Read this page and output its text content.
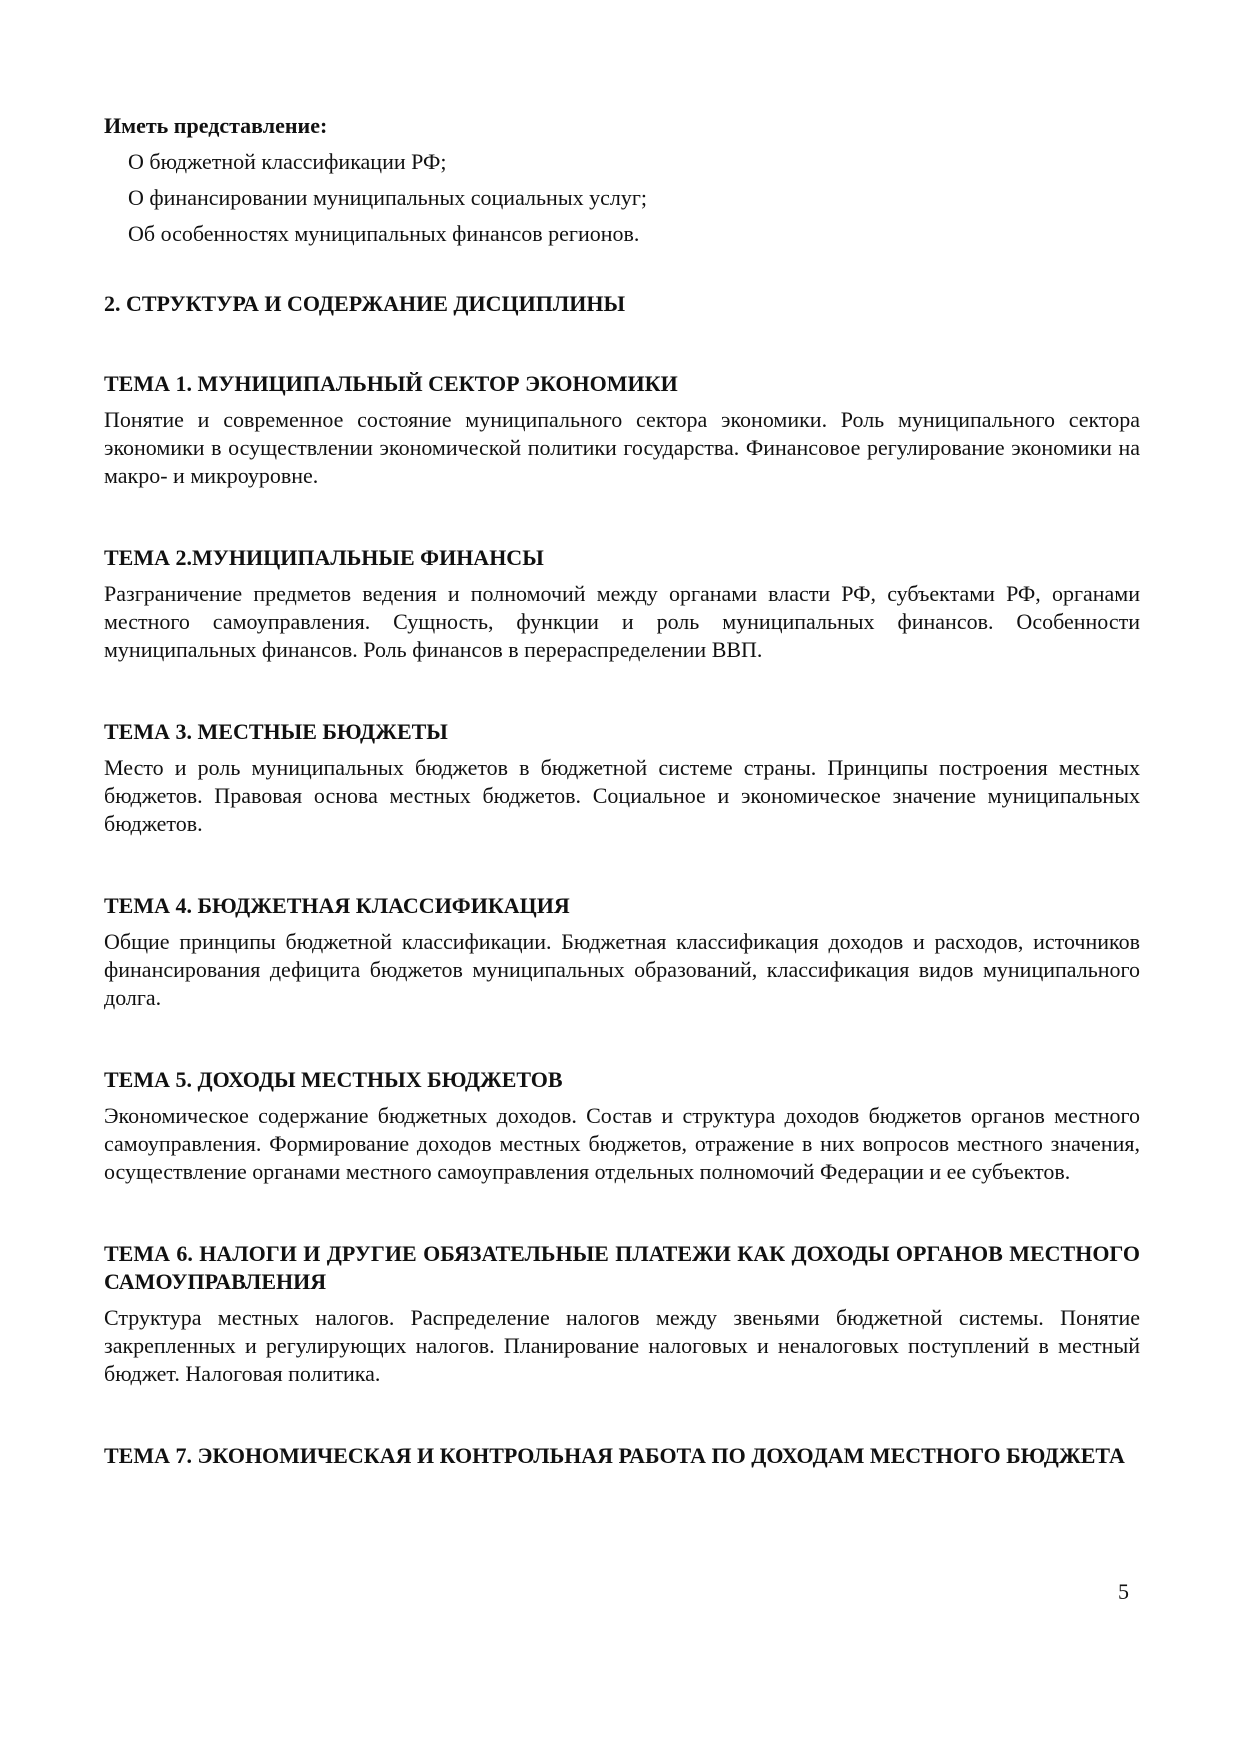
Иметь представление:
О бюджетной классификации РФ;
О финансировании муниципальных социальных услуг;
Об особенностях муниципальных финансов регионов.
2. СТРУКТУРА И СОДЕРЖАНИЕ ДИСЦИПЛИНЫ
ТЕМА 1. МУНИЦИПАЛЬНЫЙ СЕКТОР ЭКОНОМИКИ

Понятие и современное состояние муниципального сектора экономики. Роль муниципального сектора экономики в осуществлении экономической политики государства. Финансовое регулирование экономики на макро- и микроуровне.

ТЕМА 2.МУНИЦИПАЛЬНЫЕ ФИНАНСЫ

Разграничение предметов ведения и полномочий между органами власти РФ, субъектами РФ, органами местного самоуправления. Сущность, функции и роль муниципальных финансов. Особенности муниципальных финансов. Роль финансов в перераспределении ВВП.

ТЕМА 3. МЕСТНЫЕ БЮДЖЕТЫ

Место и роль муниципальных бюджетов в бюджетной системе страны. Принципы построения местных бюджетов. Правовая основа местных бюджетов. Социальное и экономическое значение муниципальных бюджетов.

ТЕМА 4. БЮДЖЕТНАЯ КЛАССИФИКАЦИЯ

Общие принципы бюджетной классификации. Бюджетная классификация доходов и расходов, источников финансирования дефицита бюджетов муниципальных образований, классификация видов муниципального долга.

ТЕМА 5. ДОХОДЫ МЕСТНЫХ БЮДЖЕТОВ

Экономическое содержание бюджетных доходов. Состав и структура доходов бюджетов органов местного самоуправления. Формирование доходов местных бюджетов, отражение в них вопросов местного значения, осуществление органами местного самоуправления отдельных полномочий Федерации и ее субъектов.

ТЕМА 6. НАЛОГИ И ДРУГИЕ ОБЯЗАТЕЛЬНЫЕ ПЛАТЕЖИ КАК ДОХОДЫ ОРГАНОВ МЕСТНОГО САМОУПРАВЛЕНИЯ

Структура местных налогов. Распределение налогов между звеньями бюджетной системы. Понятие закрепленных и регулирующих налогов. Планирование налоговых и неналоговых поступлений в местный бюджет. Налоговая политика.

ТЕМА 7. ЭКОНОМИЧЕСКАЯ И КОНТРОЛЬНАЯ РАБОТА ПО ДОХОДАМ МЕСТНОГО БЮДЖЕТА
5
